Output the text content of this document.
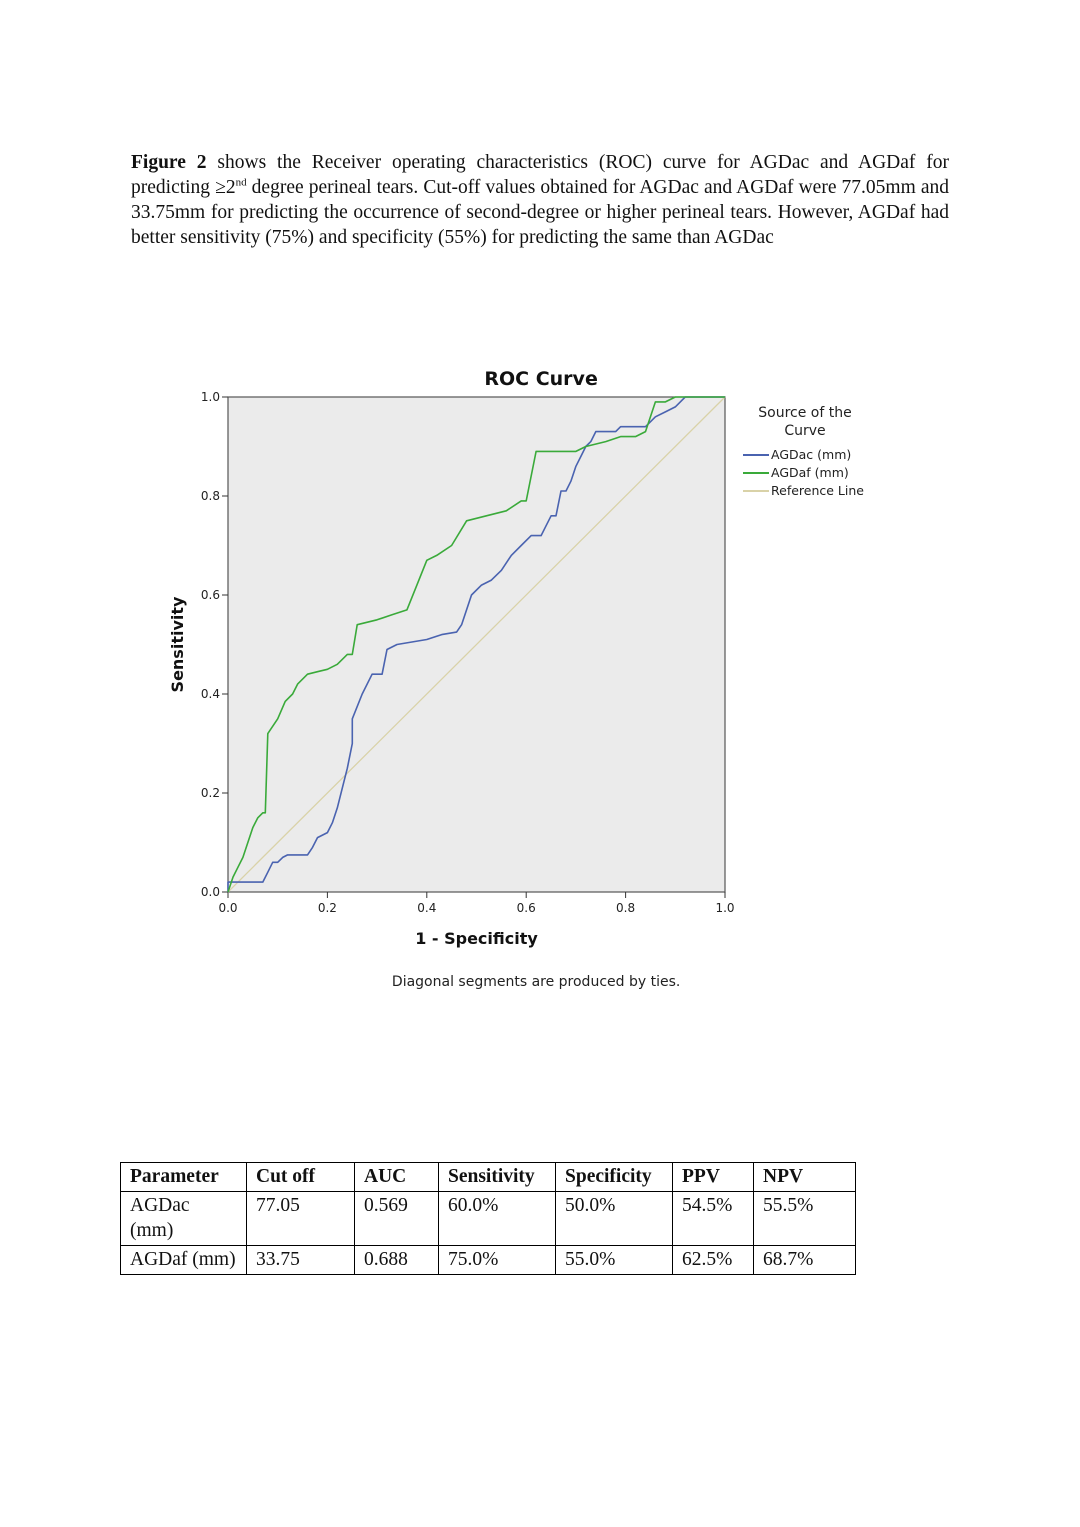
Figure 2 shows the Receiver operating characteristics (ROC) curve for AGDac and AGDaf for predicting ≥2nd degree perineal tears. Cut-off values obtained for AGDac and AGDaf were 77.05mm and 33.75mm for predicting the occurrence of second-degree or higher perineal tears. However, AGDaf had better sensitivity (75%) and specificity (55%) for predicting the same than AGDac

ROC Curve
0.0
0.2
0.4
0.6
0.8
1.0
0.0	0.2	0.4	0.6	0.8	1.0
1 - Specificity
Sensitivity
Diagonal segments are produced by ties.
Source of the
Curve
AGDac (mm)
AGDaf (mm)
Reference Line
Parameter	Cut off	AUC	Sensitivity	Specificity	PPV	NPV
AGDac (mm)	77.05	0.569	60.0%	50.0%	54.5%	55.5%
AGDaf (mm)	33.75	0.688	75.0%	55.0%	62.5%	68.7%
